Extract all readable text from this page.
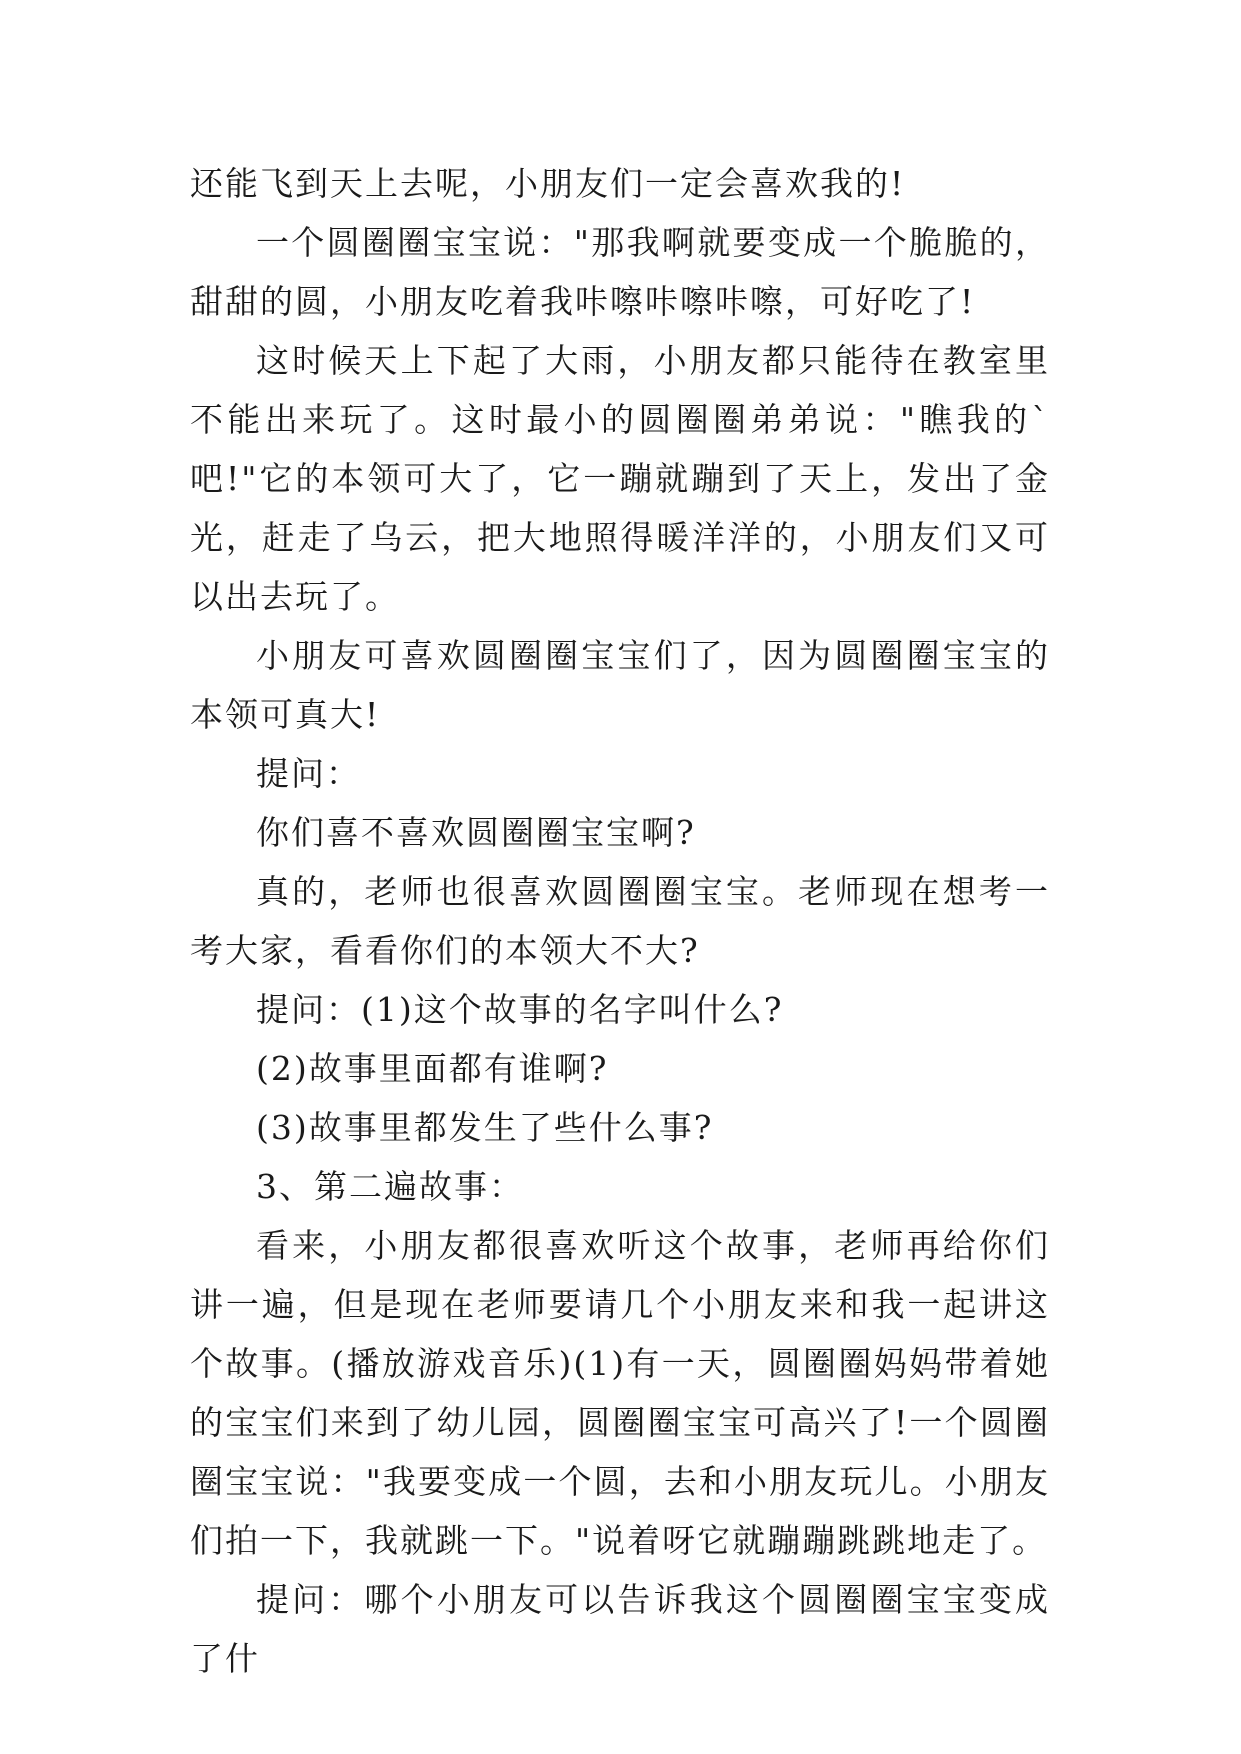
还能飞到天上去呢，小朋友们一定会喜欢我的!

一个圆圈圈宝宝说："那我啊就要变成一个脆脆的，甜甜的圆，小朋友吃着我咔嚓咔嚓咔嚓，可好吃了!

这时候天上下起了大雨，小朋友都只能待在教室里不能出来玩了。这时最小的圆圈圈弟弟说："瞧我的`吧!"它的本领可大了，它一蹦就蹦到了天上，发出了金光，赶走了乌云，把大地照得暖洋洋的，小朋友们又可以出去玩了。

小朋友可喜欢圆圈圈宝宝们了，因为圆圈圈宝宝的本领可真大!

提问：

你们喜不喜欢圆圈圈宝宝啊?

真的，老师也很喜欢圆圈圈宝宝。老师现在想考一考大家，看看你们的本领大不大?

提问：(1)这个故事的名字叫什么?

(2)故事里面都有谁啊?

(3)故事里都发生了些什么事?

3、第二遍故事：

看来，小朋友都很喜欢听这个故事，老师再给你们讲一遍，但是现在老师要请几个小朋友来和我一起讲这个故事。(播放游戏音乐)(1)有一天，圆圈圈妈妈带着她的宝宝们来到了幼儿园，圆圈圈宝宝可高兴了!一个圆圈圈宝宝说："我要变成一个圆，去和小朋友玩儿。小朋友们拍一下，我就跳一下。"说着呀它就蹦蹦跳跳地走了。

提问：哪个小朋友可以告诉我这个圆圈圈宝宝变成了什
